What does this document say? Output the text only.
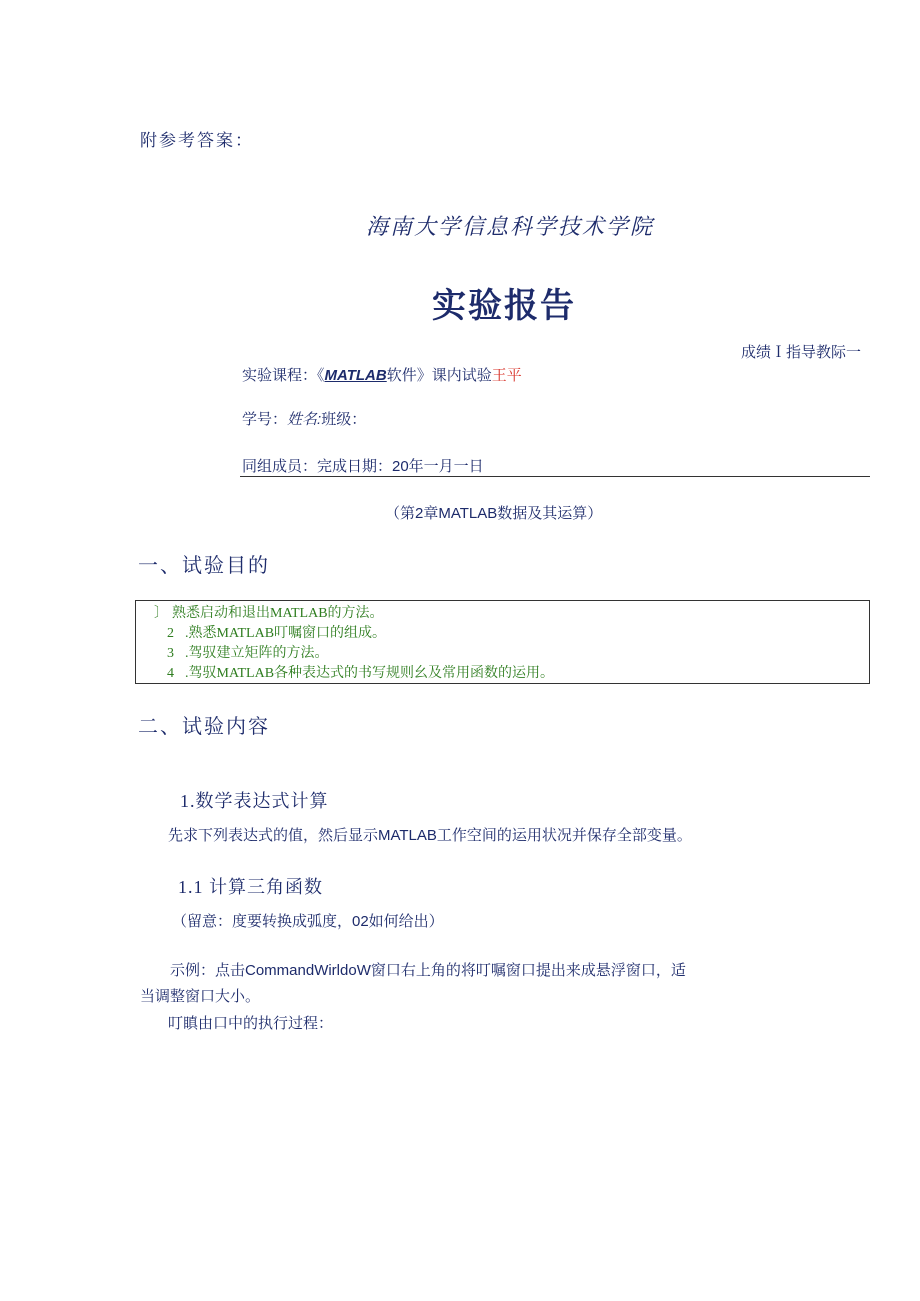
附参考答案：
海南大学信息科学技术学院
实验报告
成绩Ｉ指导教际一
实验课程：《MATLAB软件》课内试验王平
学号：姓名:班级：
同组成员：完成日期：20年一月一日
（第2章MATLAB数据及其运算）
一、试验目的
〕 熟悉启动和退出MATLAB的方法。
2 .熟悉MATLAB叮嘱窗口的组成。
3 .驾驭建立矩阵的方法。
4 .驾驭MATLAB各种表达式的书写规则幺及常用函数的运用。
二、试验内容
1.数学表达式计算
先求下列表达式的值，然后显示MATLAB工作空间的运用状况并保存全部变量。
1.1 计算三角函数
（留意：度要转换成弧度，02如何给出）
示例：点击CommandWirldoW窗口右上角的将叮嘱窗口提出来成悬浮窗口，适
当调整窗口大小。
叮瞋由口中的执行过程：
